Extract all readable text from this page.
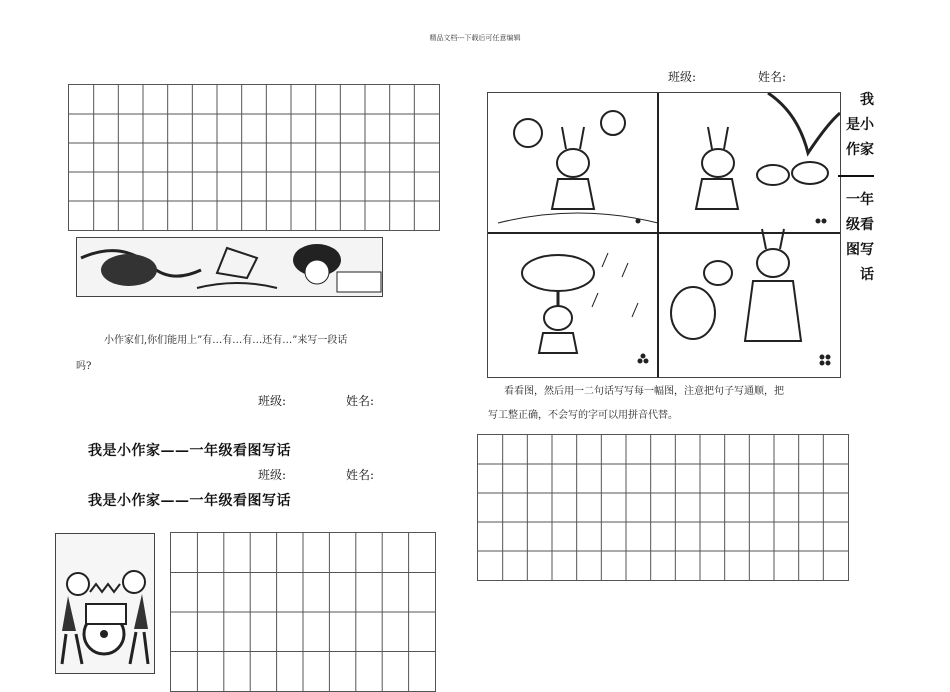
精品文档---下载后可任意编辑
小作家们,你们能用上”有…有…有…还有…”来写一段话
吗?
班级:	姓名:
我是小作家——一年级看图写话
班级:	姓名:
我是小作家——一年级看图写话
班级:	姓名:
我
是小
作家
一年
级看
图写
话
看看图，然后用一二句话写写每一幅图，注意把句子写通顺，把
写工整正确，不会写的字可以用拼音代替。
